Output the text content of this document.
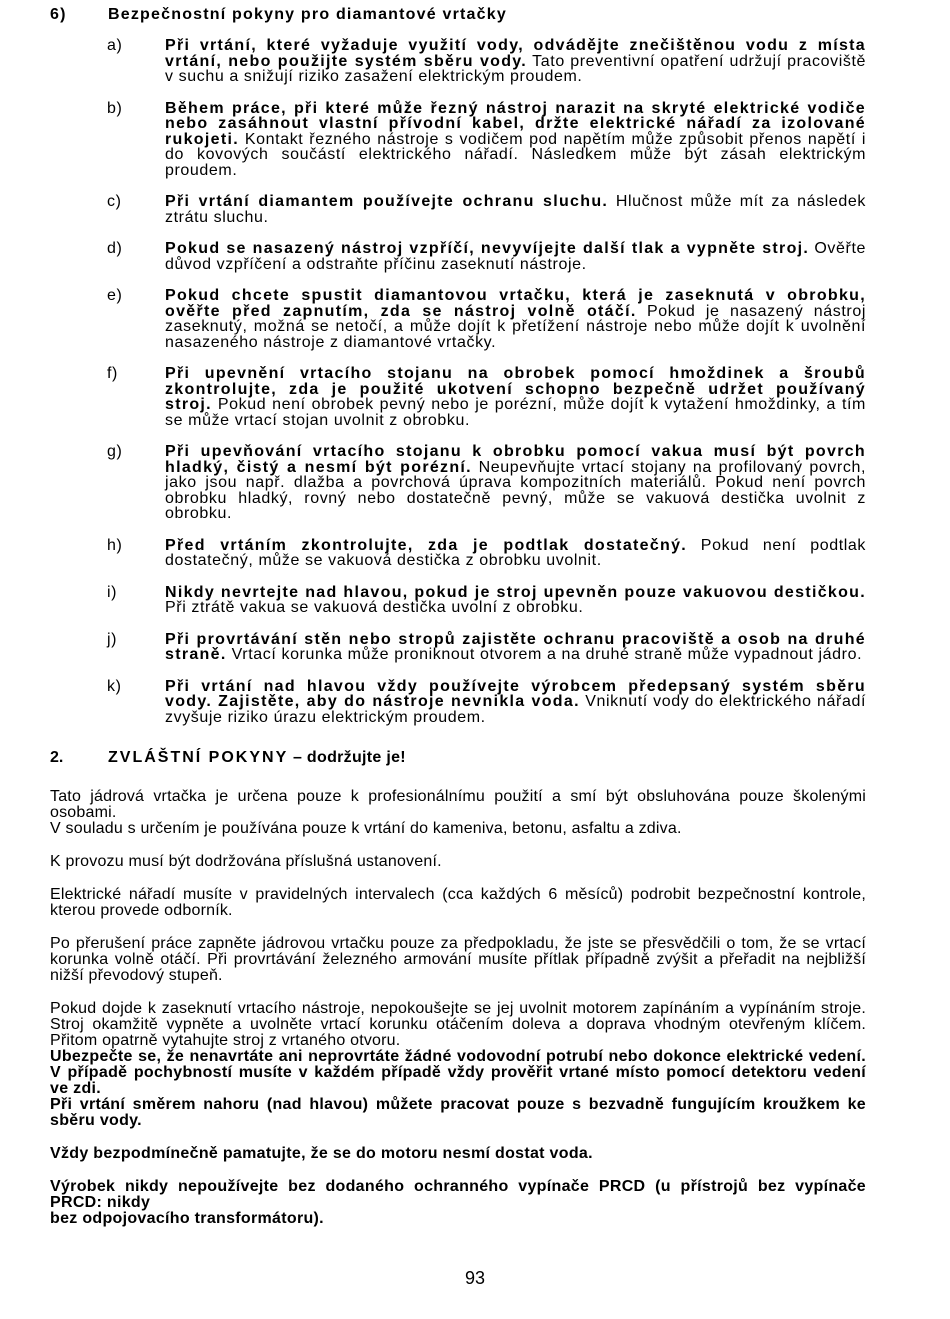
6)	Bezpečnostní pokyny pro diamantové vrtačky
a)	Při vrtání, které vyžaduje využití vody, odvádějte znečištěnou vodu z místa vrtání, nebo použijte systém sběru vody. Tato preventivní opatření udržují pracoviště v suchu a snižují riziko zasažení elektrickým proudem.
b)	Během práce, při které může řezný nástroj narazit na skryté elektrické vodiče nebo zasáhnout vlastní přívodní kabel, držte elektrické nářadí za izolované rukojeti. Kontakt řezného nástroje s vodičem pod napětím může způsobit přenos napětí i do kovových součástí elektrického nářadí. Následkem může být zásah elektrickým proudem.
c)	Při vrtání diamantem používejte ochranu sluchu. Hlučnost může mít za následek ztrátu sluchu.
d)	Pokud se nasazený nástroj vzpříčí, nevyvíjejte další tlak a vypněte stroj. Ověřte důvod vzpříčení a odstraňte příčinu zaseknutí nástroje.
e)	Pokud chcete spustit diamantovou vrtačku, která je zaseknutá v obrobku, ověřte před zapnutím, zda se nástroj volně otáčí. Pokud je nasazený nástroj zaseknutý, možná se netočí, a může dojít k přetížení nástroje nebo může dojít k uvolnění nasazeného nástroje z diamantové vrtačky.
f)	Při upevnění vrtacího stojanu na obrobek pomocí hmoždinek a šroubů zkontrolujte, zda je použité ukotvení schopno bezpečně udržet používaný stroj. Pokud není obrobek pevný nebo je porézní, může dojít k vytažení hmoždinky, a tím se může vrtací stojan uvolnit z obrobku.
g)	Při upevňování vrtacího stojanu k obrobku pomocí vakua musí být povrch hladký, čistý a nesmí být porézní. Neupevňujte vrtací stojany na profilovaný povrch, jako jsou např. dlažba a povrchová úprava kompozitních materiálů. Pokud není povrch obrobku hladký, rovný nebo dostatečně pevný, může se vakuová destička uvolnit z obrobku.
h)	Před vrtáním zkontrolujte, zda je podtlak dostatečný. Pokud není podtlak dostatečný, může se vakuová destička z obrobku uvolnit.
i)	Nikdy nevrtejte nad hlavou, pokud je stroj upevněn pouze vakuovou destičkou. Při ztrátě vakua se vakuová destička uvolní z obrobku.
j)	Při provrtávání stěn nebo stropů zajistěte ochranu pracoviště a osob na druhé straně. Vrtací korunka může proniknout otvorem a na druhé straně může vypadnout jádro.
k)	Při vrtání nad hlavou vždy používejte výrobcem předepsaný systém sběru vody. Zajistěte, aby do nástroje nevnikla voda. Vniknutí vody do elektrického nářadí zvyšuje riziko úrazu elektrickým proudem.
2.	ZVLÁŠTNÍ POKYNY – dodržujte je!
Tato jádrová vrtačka je určena pouze k profesionálnímu použití a smí být obsluhována pouze školenými osobami.
V souladu s určením je používána pouze k vrtání do kameniva, betonu, asfaltu a zdiva.
K provozu musí být dodržována příslušná ustanovení.
Elektrické nářadí musíte v pravidelných intervalech (cca každých 6 měsíců) podrobit bezpečnostní kontrole, kterou provede odborník.
Po přerušení práce zapněte jádrovou vrtačku pouze za předpokladu, že jste se přesvědčili o tom, že se vrtací korunka volně otáčí. Při provrtávání železného armování musíte přítlak případně zvýšit a přeřadit na nejbližší nižší převodový stupeň.
Pokud dojde k zaseknutí vrtacího nástroje, nepokoušejte se jej uvolnit motorem zapínáním a vypínáním stroje. Stroj okamžitě vypněte a uvolněte vrtací korunku otáčením doleva a doprava vhodným otevřeným klíčem. Přitom opatrně vytahujte stroj z vrtaného otvoru.
Ubezpečte se, že nenavrtáte ani neprovrtáte žádné vodovodní potrubí nebo dokonce elektrické vedení. V případě pochybností musíte v každém případě vždy prověřit vrtané místo pomocí detektoru vedení ve zdi.
Při vrtání směrem nahoru (nad hlavou) můžete pracovat pouze s bezvadně fungujícím kroužkem ke sběru vody.
Vždy bezpodmínečně pamatujte, že se do motoru nesmí dostat voda.
Výrobek nikdy nepoužívejte bez dodaného ochranného vypínače PRCD (u přístrojů bez vypínače PRCD: nikdy
bez odpojovacího transformátoru).
93
